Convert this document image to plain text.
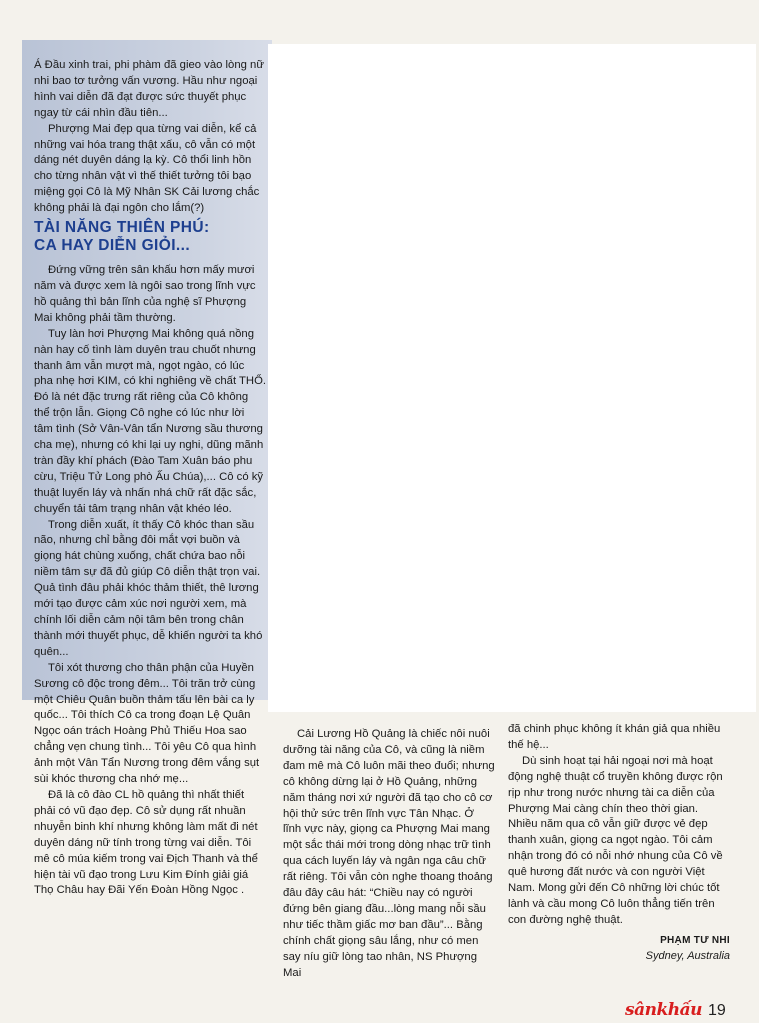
Á Đầu xinh trai, phi phàm đã gieo vào lòng nữ nhi bao tơ tưởng vấn vương. Hầu như ngoại hình vai diễn đã đạt được sức thuyết phục ngay từ cái nhìn đầu tiên...

Phượng Mai đẹp qua từng vai diễn, kể cả những vai hóa trang thật xấu, cô vẫn có một dáng nét duyên dáng lạ kỳ. Cô thổi linh hồn cho từng nhân vật vì thế thiết tưởng tôi bạo miệng gọi Cô là Mỹ Nhân SK Cải lương chắc không phải là đại ngôn cho lắm(?)

TÀI NĂNG THIÊN PHÚ:
CA HAY DIỄN GIỎI...

Đứng vững trên sân khấu hơn mấy mươi năm và được xem là ngôi sao trong lĩnh vực hồ quảng thì bản lĩnh của nghệ sĩ Phượng Mai không phải tầm thường.

Tuy làn hơi Phượng Mai không quá nồng nàn hay cố tình làm duyên trau chuốt nhưng thanh âm vẫn mượt mà, ngọt ngào, có lúc pha nhẹ hơi KIM, có khi nghiêng về chất THỔ. Đó là nét đặc trưng rất riêng của Cô không thể trộn lẫn. Giọng Cô nghe có lúc như lời tâm tình (Sở Vân-Vân tẩn Nương sầu thương cha mẹ), nhưng có khi lại uy nghi, dũng mãnh tràn đầy khí phách (Đào Tam Xuân báo phu cừu, Triệu Tử Long phò Ấu Chúa),... Cô có kỹ thuật luyến láy và nhấn nhá chữ rất đặc sắc, chuyển tải tâm trạng nhân vật khéo léo.

Trong diễn xuất, ít thấy Cô khóc than sầu não, nhưng chỉ bằng đôi mắt vợi buồn và giọng hát chùng xuống, chất chứa bao nỗi niềm tâm sự đã đủ giúp Cô diễn thật trọn vai. Quả tình đâu phải khóc thảm thiết, thê lương mới tạo được cảm xúc nơi người xem, mà chính lối diễn cảm nội tâm bên trong chân thành mới thuyết phục, dễ khiến người ta khó quên...

Tôi xót thương cho thân phận của Huyền Sương cô độc trong đêm... Tôi trăn trở cùng một Chiêu Quân buồn thảm tấu lên bài ca ly quốc... Tôi thích Cô ca trong đoạn Lệ Quân Ngọc oán trách Hoàng Phủ Thiếu Hoa sao chẳng vẹn chung tình... Tôi yêu Cô qua hình ảnh một Vân Tẩn Nương trong đêm vắng sụt sùi khóc thương cha nhớ mẹ...

Đã là cô đào CL hồ quảng thì nhất thiết phải có vũ đạo đẹp. Cô sử dụng rất nhuần nhuyễn binh khí nhưng không làm mất đi nét duyên dáng nữ tính trong từng vai diễn. Tôi mê cô múa kiếm trong vai Địch Thanh và thể hiện tài vũ đạo trong Lưu Kim Đính giải giá Thọ Châu hay Đãi Yến Đoàn Hồng Ngọc .

Cải Lương Hồ Quảng là chiếc nôi nuôi dưỡng tài năng của Cô, và cũng là niềm đam mê mà Cô luôn mãi theo đuổi; nhưng cô không dừng lại ở Hồ Quảng, những năm tháng nơi xứ người đã tạo cho cô cơ hội thử sức trên lĩnh vực Tân Nhạc. Ở lĩnh vực này, giọng ca Phượng Mai mang một sắc thái mới trong dòng nhạc trữ tình qua cách luyến láy và ngân nga câu chữ rất riêng. Tôi vẫn còn nghe thoang thoảng đâu đây câu hát: “Chiều nay có người đứng bên giang đầu...lòng mang nỗi sầu như tiếc thầm giấc mơ ban đầu”... Bằng chính chất giọng sâu lắng, như có men say níu giữ lòng tao nhân, NS Phượng Mai

đã chinh phục không ít khán giả qua nhiều thế hệ...

Dù sinh hoạt tại hải ngoại nơi mà hoạt động nghệ thuật cổ truyền không được rộn rịp như trong nước nhưng tài ca diễn của Phượng Mai càng chín theo thời gian. Nhiều năm qua cô vẫn giữ được vẻ đẹp thanh xuân, giọng ca ngọt ngào. Tôi cảm nhận trong đó có nỗi nhớ nhung của Cô về quê hương đất nước và con người Việt Nam. Mong gửi đến Cô những lời chúc tốt lành và cầu mong Cô luôn thẳng tiến trên con đường nghệ thuật.

PHẠM TƯ NHI
Sydney, Australia
sânkhấu 19
